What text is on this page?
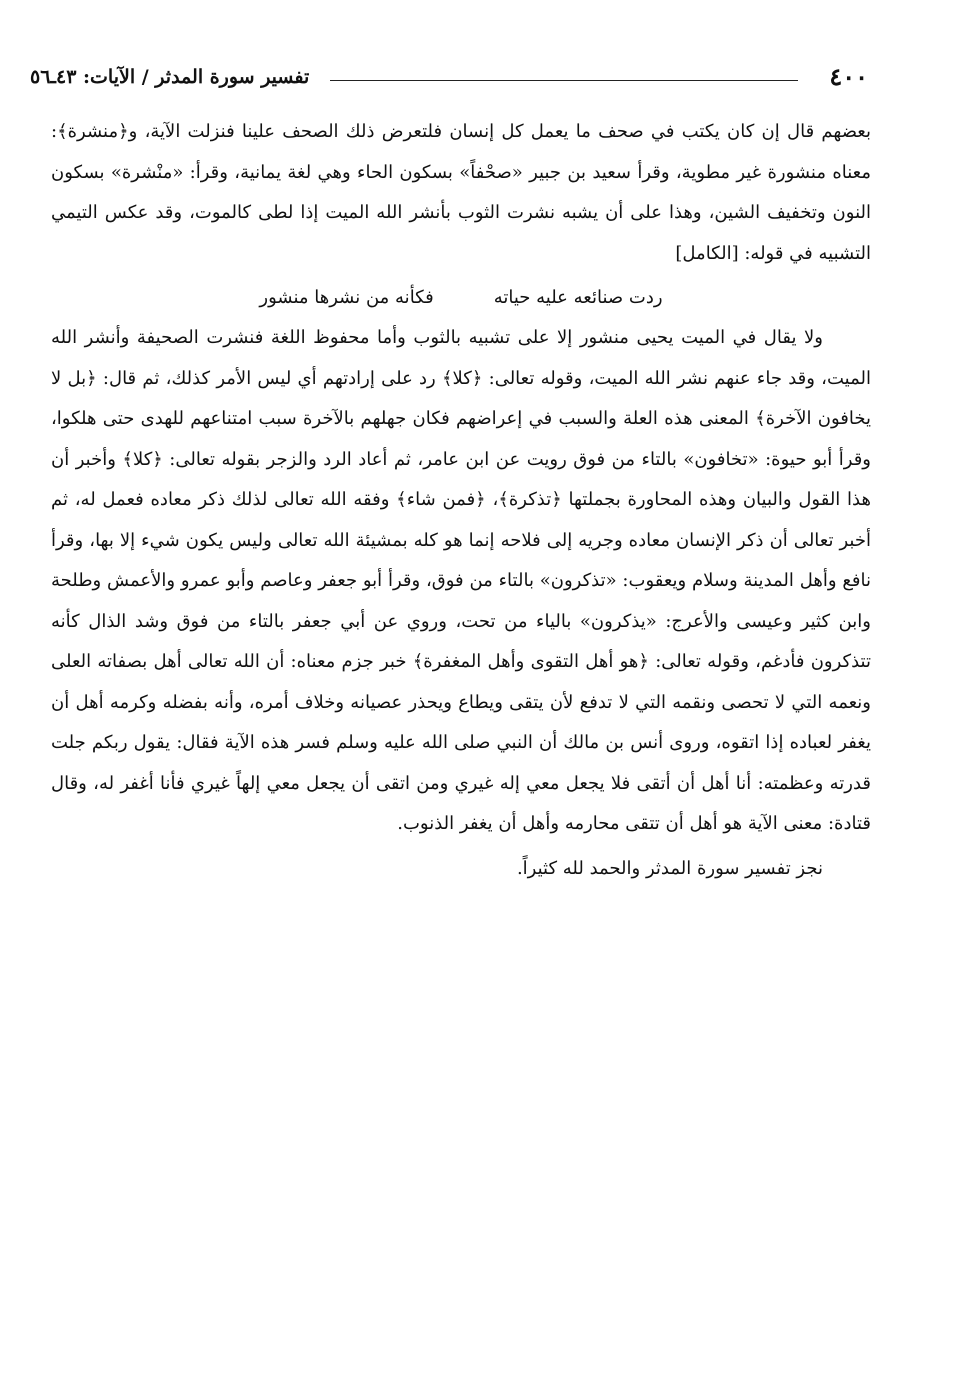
٤٠٠
تفسير سورة المدثر / الآيات: ٤٣ـ٥٦

بعضهم قال إن كان يكتب في صحف ما يعمل كل إنسان فلتعرض ذلك الصحف علينا فنزلت الآية، و﴿منشرة﴾: معناه منشورة غير مطوية، وقرأ سعيد بن جبير «صحْفاً» بسكون الحاء وهي لغة يمانية، وقرأ: «منْشرة» بسكون النون وتخفيف الشين، وهذا على أن يشبه نشرت الثوب بأنشر الله الميت إذا لطى كالموت، وقد عكس التيمي التشبيه في قوله: [الكامل]

ردت صنائعه عليه حياته
فكأنه من نشرها منشور

ولا يقال في الميت يحيى منشور إلا على تشبيه بالثوب وأما محفوظ اللغة فنشرت الصحيفة وأنشر الله الميت، وقد جاء عنهم نشر الله الميت، وقوله تعالى: ﴿كلا﴾ رد على إرادتهم أي ليس الأمر كذلك، ثم قال: ﴿بل لا يخافون الآخرة﴾ المعنى هذه العلة والسبب في إعراضهم فكان جهلهم بالآخرة سبب امتناعهم للهدى حتى هلكوا، وقرأ أبو حيوة: «تخافون» بالتاء من فوق رويت عن ابن عامر، ثم أعاد الرد والزجر بقوله تعالى: ﴿كلا﴾ وأخبر أن هذا القول والبيان وهذه المحاورة بجملتها ﴿تذكرة﴾، ﴿فمن شاء﴾ وفقه الله تعالى لذلك ذكر معاده فعمل له، ثم أخبر تعالى أن ذكر الإنسان معاده وجريه إلى فلاحه إنما هو كله بمشيئة الله تعالى وليس يكون شيء إلا بها، وقرأ نافع وأهل المدينة وسلام ويعقوب: «تذكرون» بالتاء من فوق، وقرأ أبو جعفر وعاصم وأبو عمرو والأعمش وطلحة وابن كثير وعيسى والأعرج: «يذكرون» بالياء من تحت، وروي عن أبي جعفر بالتاء من فوق وشد الذال كأنه تتذكرون فأدغم، وقوله تعالى: ﴿هو أهل التقوى وأهل المغفرة﴾ خبر جزم معناه: أن الله تعالى أهل بصفاته العلى ونعمه التي لا تحصى ونقمه التي لا تدفع لأن يتقى ويطاع ويحذر عصيانه وخلاف أمره، وأنه بفضله وكرمه أهل أن يغفر لعباده إذا اتقوه، وروى أنس بن مالك أن النبي صلى الله عليه وسلم فسر هذه الآية فقال: يقول ربكم جلت قدرته وعظمته: أنا أهل أن أتقى فلا يجعل معي إله غيري ومن اتقى أن يجعل معي إلهاً غيري فأنا أغفر له، وقال قتادة: معنى الآية هو أهل أن تتقى محارمه وأهل أن يغفر الذنوب.

نجز تفسير سورة المدثر والحمد لله كثيراً.
